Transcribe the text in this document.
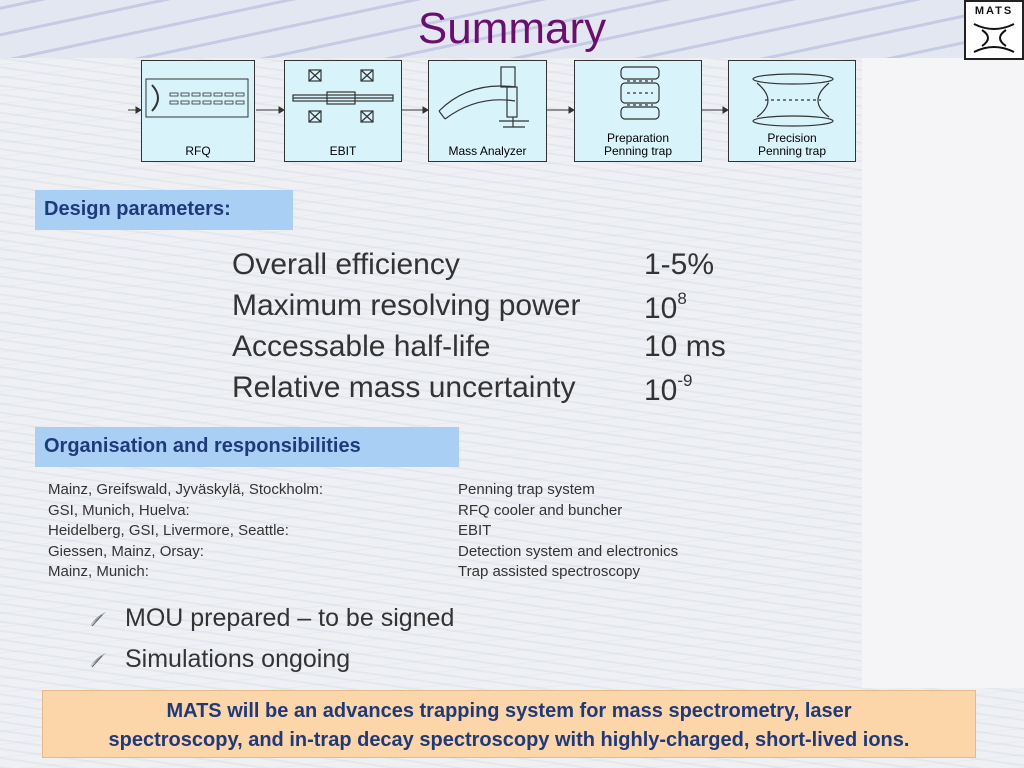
Summary	MATS
RFQ	EBIT	Mass Analyzer
Preparation
Penning trap
Precision
Penning trap
Design parameters:
Overall efficiency	1-5%
Maximum resolving power $10^8$
Accessable half-life	10 ms
Relative mass uncertainty $10^{-9}$
Organisation and responsibilities
Mainz, Greifswald, Jyväskylä, Stockholm:	Penning trap system
GSI, Munich, Huelva:	RFQ cooler and buncher
Heidelberg, GSI, Livermore, Seattle:	EBIT
Giessen, Mainz, Orsay:	Detection system and electronics
Mainz, Munich:	Trap assisted spectroscopy
MOU prepared – to be signed
Simulations ongoing
MATS will be an advances trapping system for mass spectrometry, laser
spectroscopy, and in-trap decay spectroscopy with highly-charged, short-lived ions.
